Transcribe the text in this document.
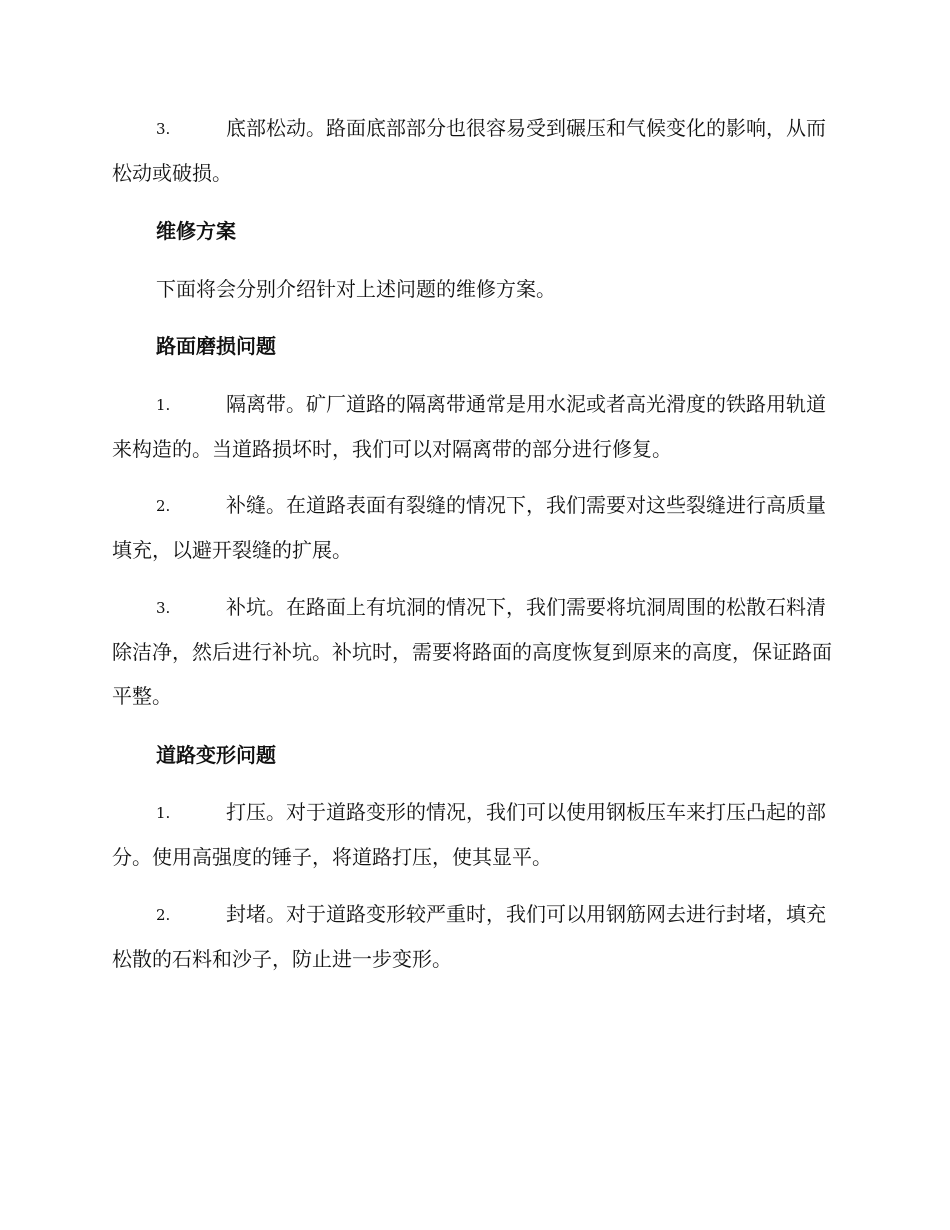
3.	底部松动。路面底部部分也很容易受到碾压和气候变化的影响，从而松动或破损。

维修方案

下面将会分别介绍针对上述问题的维修方案。

路面磨损问题

1.	隔离带。矿厂道路的隔离带通常是用水泥或者高光滑度的铁路用轨道来构造的。当道路损坏时，我们可以对隔离带的部分进行修复。

2.	补缝。在道路表面有裂缝的情况下，我们需要对这些裂缝进行高质量填充，以避开裂缝的扩展。

3.	补坑。在路面上有坑洞的情况下，我们需要将坑洞周围的松散石料清除洁净，然后进行补坑。补坑时，需要将路面的高度恢复到原来的高度，保证路面平整。

道路变形问题

1.	打压。对于道路变形的情况，我们可以使用钢板压车来打压凸起的部分。使用高强度的锤子，将道路打压，使其显平。

2.	封堵。对于道路变形较严重时，我们可以用钢筋网去进行封堵，填充松散的石料和沙子，防止进一步变形。
